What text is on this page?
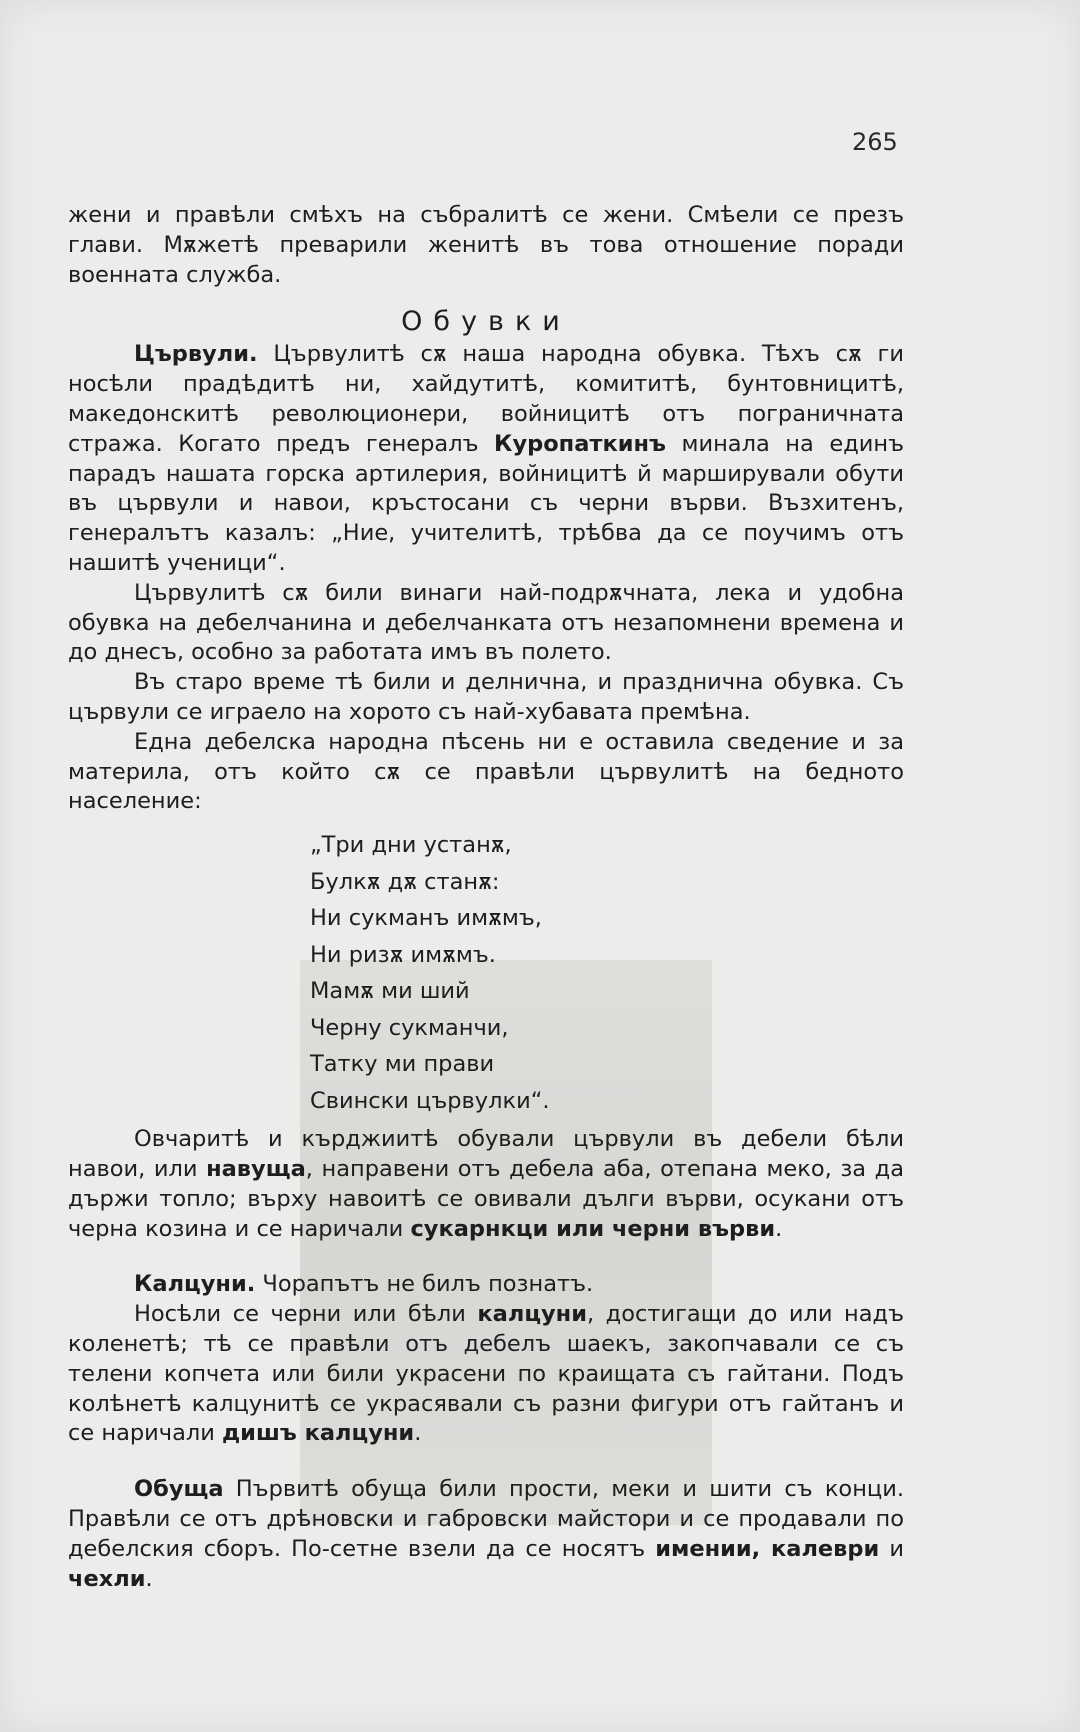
265

жени и правѣли смѣхъ на събралитѣ се жени. Смѣели се презъ глави. Мѫжетѣ преварили женитѣ въ това отношение поради военната служба.

Обувки

Цървули. Цървулитѣ сѫ наша народна обувка. Тѣхъ сѫ ги носѣли прадѣдитѣ ни, хайдутитѣ, комититѣ, бунтовницитѣ, македонскитѣ революционери, войницитѣ отъ пограничната стража. Когато предъ генералъ Куропаткинъ минала на единъ парадъ нашата горска артилерия, войницитѣ й марширували обути въ цървули и навои, кръстосани съ черни върви. Възхитенъ, генералътъ казалъ: „Ние, учителитѣ, трѣбва да се поучимъ отъ нашитѣ ученици“.

Цървулитѣ сѫ били винаги най-подрѫчната, лека и удобна обувка на дебелчанина и дебелчанката отъ незапомнени времена и до днесъ, особно за работата имъ въ полето.

Въ старо време тѣ били и делнична, и празднична обувка. Съ цървули се играело на хорото съ най-хубавата премѣна.

Една дебелска народна пѣсень ни е оставила сведение и за материла, отъ който сѫ се правѣли цървулитѣ на бедното население:

„Три дни устанѫ,
Булкѫ дѫ станѫ:
Ни сукманъ имѫмъ,
Ни ризѫ имѫмъ.
Мамѫ ми ший
Черну сукманчи,
Татку ми прави
Свински цървулки“.

Овчаритѣ и кърджиитѣ обували цървули въ дебели бѣли навои, или навуща, направени отъ дебела аба, отепана меко, за да държи топло; върху навоитѣ се овивали дълги върви, осукани отъ черна козина и се наричали сукарнкци или черни върви.

Калцуни. Чорапътъ не билъ познатъ.

Носѣли се черни или бѣли калцуни, достигащи до или надъ коленетѣ; тѣ се правѣли отъ дебелъ шаекъ, закопчавали се съ телени копчета или били украсени по краищата съ гайтани. Подъ колѣнетѣ калцунитѣ се украсявали съ разни фигури отъ гайтанъ и се наричали дишъ калцуни.

Обуща Първитѣ обуща били прости, меки и шити съ конци. Правѣли се отъ дрѣновски и габровски майстори и се продавали по дебелския сборъ. По-сетне взели да се носятъ имении, калеври и чехли.
